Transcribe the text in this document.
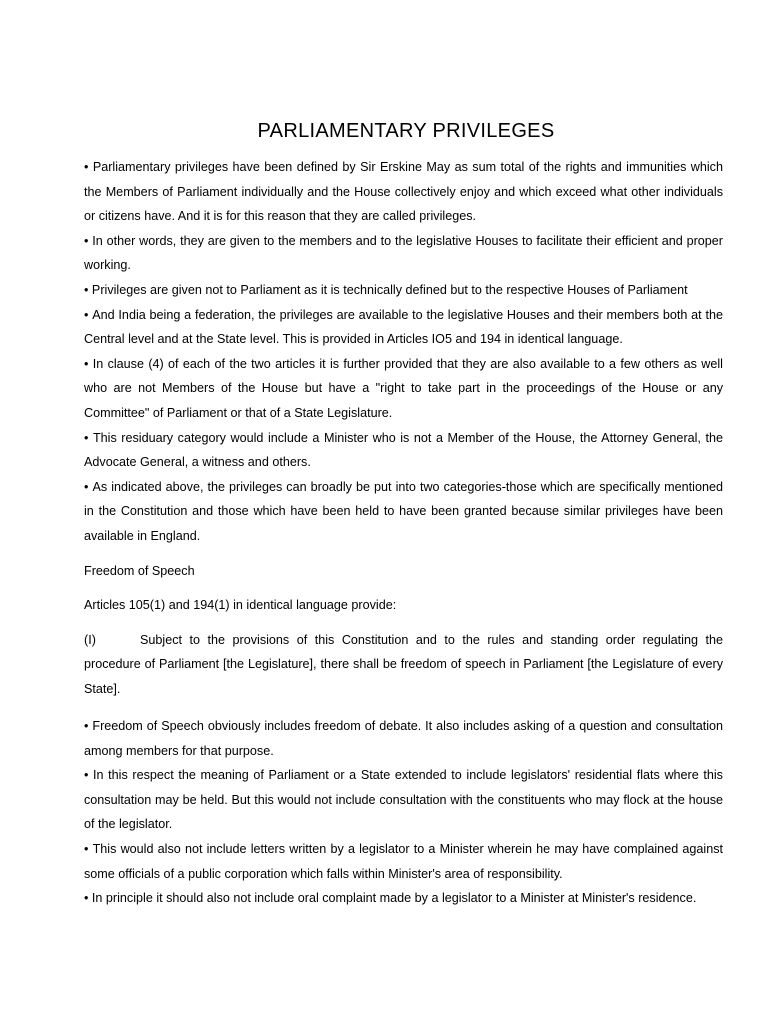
PARLIAMENTARY PRIVILEGES

• Parliamentary privileges have been defined by Sir Erskine May as sum total of the rights and immunities which the Members of Parliament individually and the House collectively enjoy and which exceed what other individuals or citizens have. And it is for this reason that they are called privileges.

• In other words, they are given to the members and to the legislative Houses to facilitate their efficient and proper working.

• Privileges are given not to Parliament as it is technically defined but to the respective Houses of Parliament

• And India being a federation, the privileges are available to the legislative Houses and their members both at the Central level and at the State level. This is provided in Articles IO5 and 194 in identical language.

• In clause (4) of each of the two articles it is further provided that they are also available to a few others as well who are not Members of the House but have a "right to take part in the proceedings of the House or any Committee" of Parliament or that of a State Legislature.

• This residuary category would include a Minister who is not a Member of the House, the Attorney General, the Advocate General, a witness and others.

• As indicated above, the privileges can broadly be put into two categories-those which are specifically mentioned in the Constitution and those which have been held to have been granted because similar privileges have been available in England.

Freedom of Speech

Articles 105(1) and 194(1) in identical language provide:

(I)	Subject to the provisions of this Constitution and to the rules and standing order regulating the procedure of Parliament [the Legislature], there shall be freedom of speech in Parliament [the Legislature of every State].

• Freedom of Speech obviously includes freedom of debate. It also includes asking of a question and consultation among members for that purpose.

• In this respect the meaning of Parliament or a State extended to include legislators' residential flats where this consultation may be held. But this would not include consultation with the constituents who may flock at the house of the legislator.

• This would also not include letters written by a legislator to a Minister wherein he may have complained against some officials of a public corporation which falls within Minister's area of responsibility.

• In principle it should also not include oral complaint made by a legislator to a Minister at Minister's residence.
